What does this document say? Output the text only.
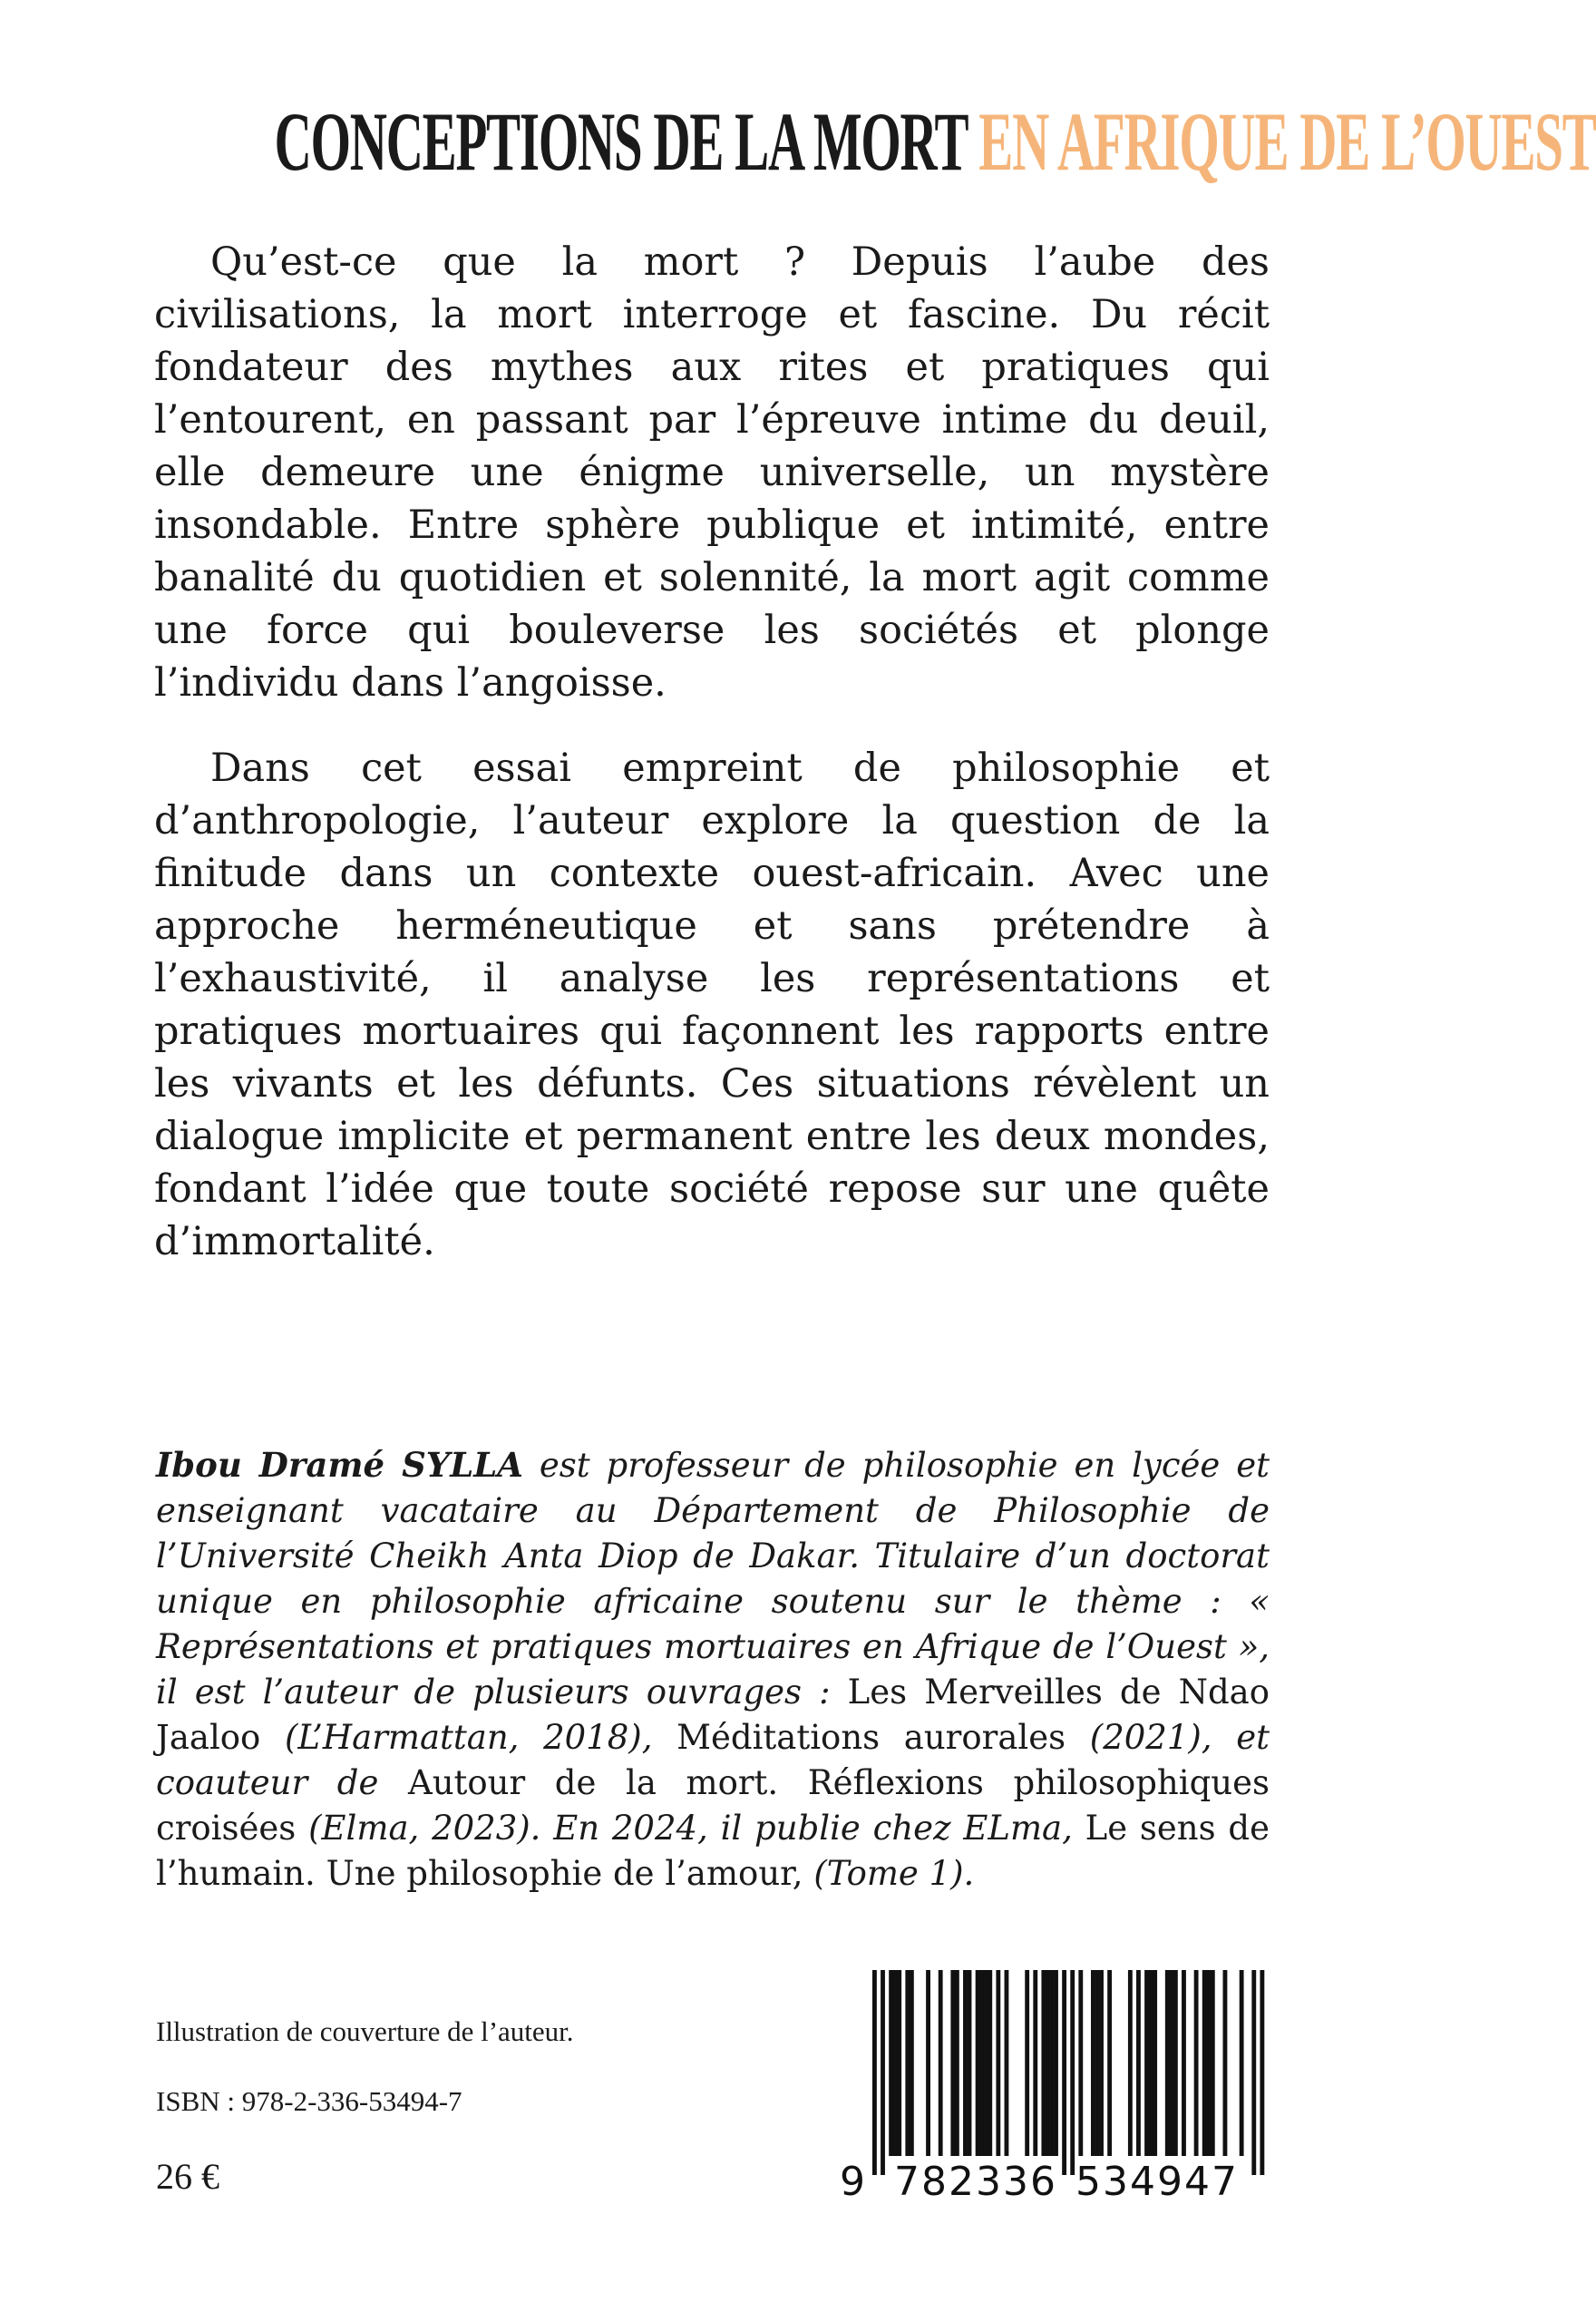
CONCEPTIONS DE LA MORT EN AFRIQUE DE L’OUEST

Qu’est-ce que la mort ? Depuis l’aube des civilisations, la mort interroge et fascine. Du récit fondateur des mythes aux rites et pratiques qui l’entourent, en passant par l’épreuve intime du deuil, elle demeure une énigme universelle, un mystère insondable. Entre sphère publique et intimité, entre banalité du quotidien et solennité, la mort agit comme une force qui bouleverse les sociétés et plonge l’individu dans l’angoisse.

Dans cet essai empreint de philosophie et d’anthropologie, l’auteur explore la question de la finitude dans un contexte ouest-africain. Avec une approche herméneutique et sans prétendre à l’exhaustivité, il analyse les représentations et pratiques mortuaires qui façonnent les rapports entre les vivants et les défunts. Ces situations révèlent un dialogue implicite et permanent entre les deux mondes, fondant l’idée que toute société repose sur une quête d’immortalité.

Ibou Dramé SYLLA est professeur de philosophie en lycée et enseignant vacataire au Département de Philosophie de l’Université Cheikh Anta Diop de Dakar. Titulaire d’un doctorat unique en philosophie africaine soutenu sur le thème : « Représentations et pratiques mortuaires en Afrique de l’Ouest », il est l’auteur de plusieurs ouvrages : Les Merveilles de Ndao Jaaloo (L’Harmattan, 2018), Méditations aurorales (2021), et coauteur de Autour de la mort. Réflexions philosophiques croisées (Elma, 2023). En 2024, il publie chez ELma, Le sens de l’humain. Une philosophie de l’amour, (Tome 1).
Illustration de couverture de l’auteur.
ISBN : 978-2-336-53494-7
26 €	9 782336 534947
